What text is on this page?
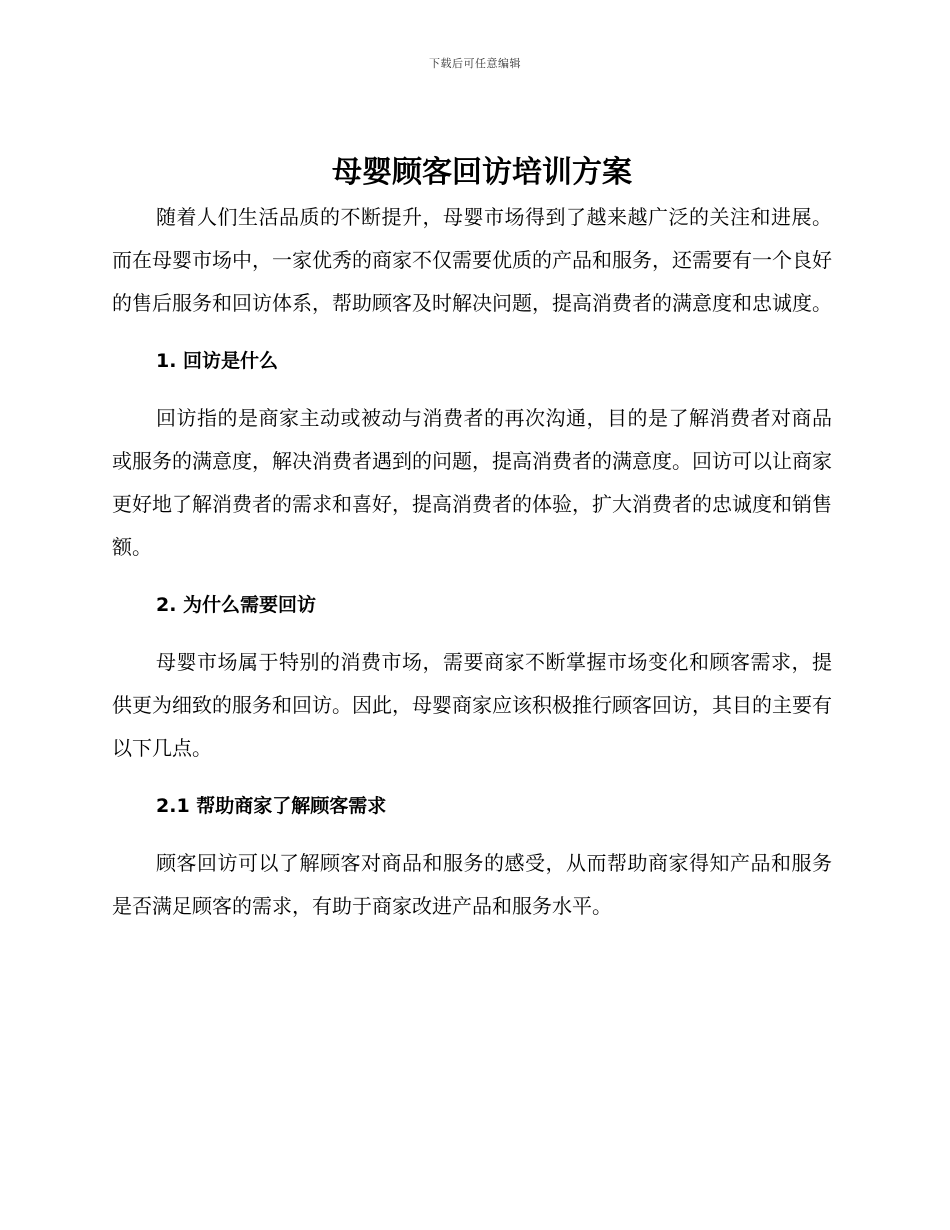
下载后可任意编辑
母婴顾客回访培训方案

随着人们生活品质的不断提升，母婴市场得到了越来越广泛的关注和进展。而在母婴市场中，一家优秀的商家不仅需要优质的产品和服务，还需要有一个良好的售后服务和回访体系，帮助顾客及时解决问题，提高消费者的满意度和忠诚度。

1. 回访是什么

回访指的是商家主动或被动与消费者的再次沟通，目的是了解消费者对商品或服务的满意度，解决消费者遇到的问题，提高消费者的满意度。回访可以让商家更好地了解消费者的需求和喜好，提高消费者的体验，扩大消费者的忠诚度和销售额。

2. 为什么需要回访

母婴市场属于特别的消费市场，需要商家不断掌握市场变化和顾客需求，提供更为细致的服务和回访。因此，母婴商家应该积极推行顾客回访，其目的主要有以下几点。

2.1 帮助商家了解顾客需求

顾客回访可以了解顾客对商品和服务的感受，从而帮助商家得知产品和服务是否满足顾客的需求，有助于商家改进产品和服务水平。
